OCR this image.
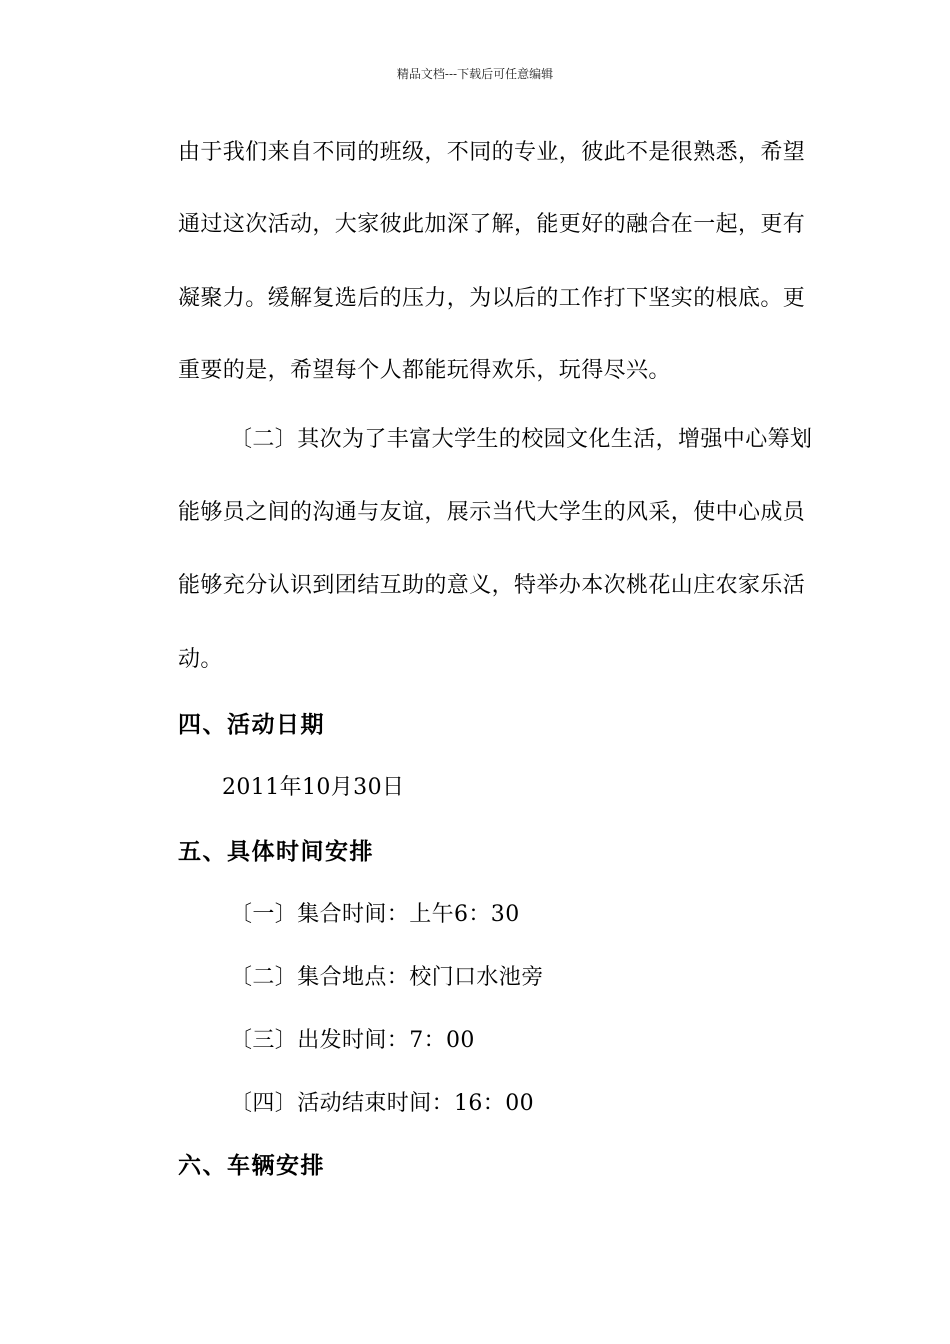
精品文档---下载后可任意编辑
由于我们来自不同的班级，不同的专业，彼此不是很熟悉，希望
通过这次活动，大家彼此加深了解，能更好的融合在一起，更有
凝聚力。缓解复选后的压力，为以后的工作打下坚实的根底。更
重要的是，希望每个人都能玩得欢乐，玩得尽兴。
〔二〕其次为了丰富大学生的校园文化生活，增强中心筹划
能够员之间的沟通与友谊，展示当代大学生的风采，使中心成员
能够充分认识到团结互助的意义，特举办本次桃花山庄农家乐活
动。
四、活动日期
2011年10月30日
五、具体时间安排
〔一〕集合时间：上午6：30
〔二〕集合地点：校门口水池旁
〔三〕出发时间：7：00
〔四〕活动结束时间：16：00
六、车辆安排
